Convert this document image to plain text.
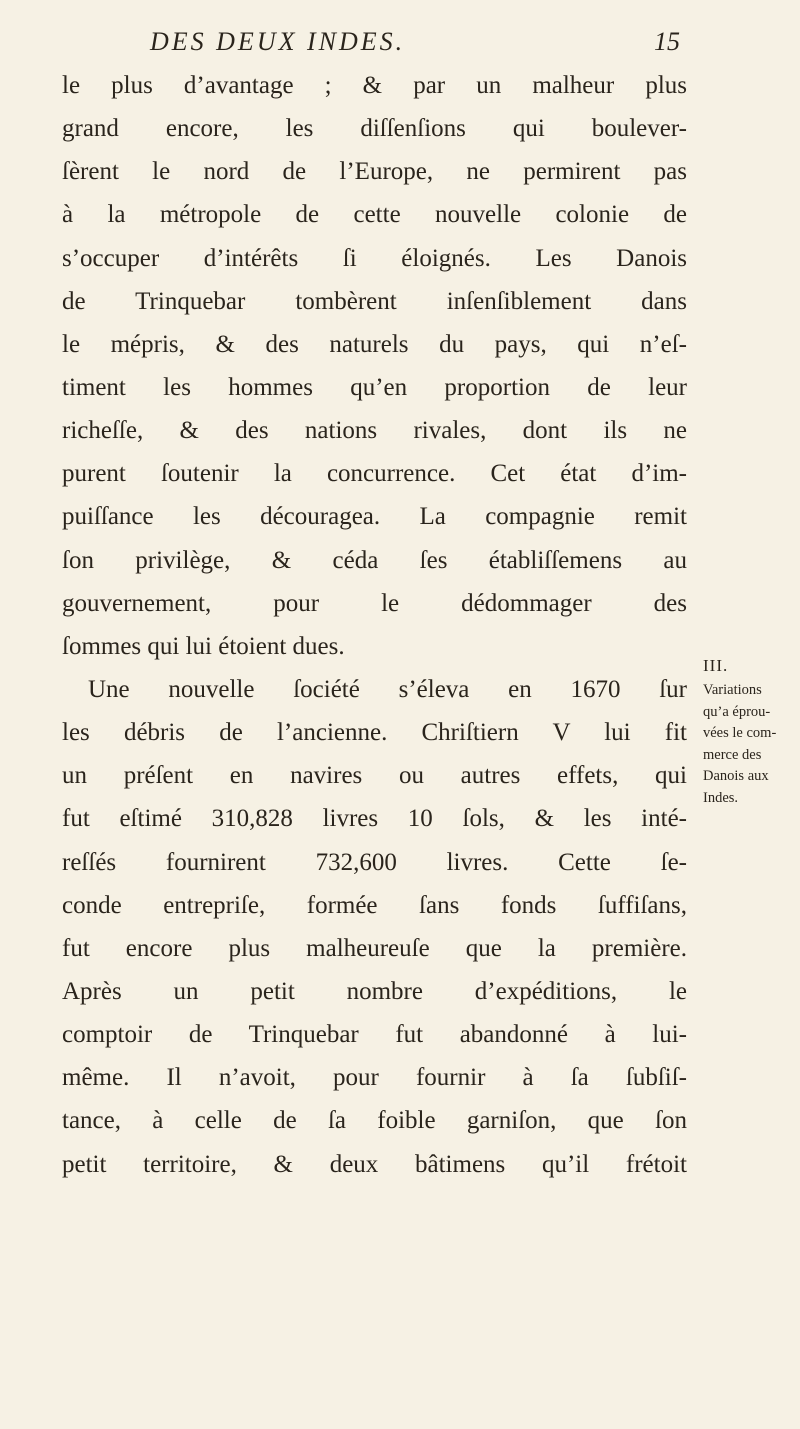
DES DEUX INDES.	15
le plus d’avantage ; & par un malheur plus
grand encore, les diſſenſions qui boulever-
ſèrent le nord de l’Europe, ne permirent pas
à la métropole de cette nouvelle colonie de
s’occuper d’intérêts ſi éloignés. Les Danois
de Trinquebar tombèrent inſenſiblement dans
le mépris, & des naturels du pays, qui n’eſ-
timent les hommes qu’en proportion de leur
richeſſe, & des nations rivales, dont ils ne
purent ſoutenir la concurrence. Cet état d’im-
puiſſance les découragea. La compagnie remit
ſon privilège, & céda ſes établiſſemens au
gouvernement, pour le dédommager des
ſommes qui lui étoient dues.
Une nouvelle ſociété s’éleva en 1670 ſur
les débris de l’ancienne. Chriſtiern V lui fit
un préſent en navires ou autres effets, qui
fut eſtimé 310,828 livres 10 ſols, & les inté-
reſſés fournirent 732,600 livres. Cette ſe-
conde entrepriſe, formée ſans fonds ſuffiſans,
fut encore plus malheureuſe que la première.
Après un petit nombre d’expéditions, le
comptoir de Trinquebar fut abandonné à lui-
même. Il n’avoit, pour fournir à ſa ſubſiſ-
tance, à celle de ſa foible garniſon, que ſon
petit territoire, & deux bâtimens qu’il frétoit
III.
Variations
qu’a éprou-
vées le com-
merce des
Danois aux
Indes.
